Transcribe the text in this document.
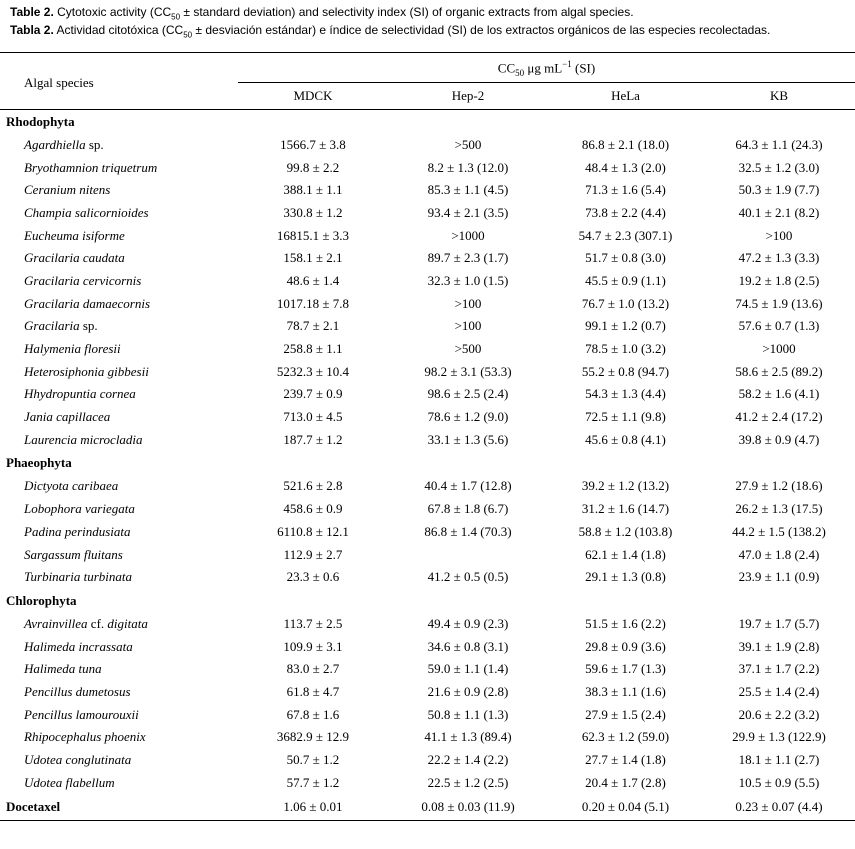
Table 2. Cytotoxic activity ($CC_{50}$ ± standard deviation) and selectivity index (SI) of organic extracts from algal species.
Tabla 2. Actividad citotóxica ($CC_{50}$ ± desviación estándar) e índice de selectividad (SI) de los extractos orgánicos de las especies recolectadas.
Algal species	$CC_{50}$ μg $mL^{-1}$ (SI)			
	MDCK	Hep-2	HeLa	KB
Rhodophyta				
Agardhiella sp.	1566.7 ± 3.8	>500	86.8 ± 2.1 (18.0)	64.3 ± 1.1 (24.3)
Bryothamnion triquetrum	99.8 ± 2.2	8.2 ± 1.3 (12.0)	48.4 ± 1.3 (2.0)	32.5 ± 1.2 (3.0)
Ceranium nitens	388.1 ± 1.1	85.3 ± 1.1 (4.5)	71.3 ± 1.6 (5.4)	50.3 ± 1.9 (7.7)
Champia salicornioides	330.8 ± 1.2	93.4 ± 2.1 (3.5)	73.8 ± 2.2 (4.4)	40.1 ± 2.1 (8.2)
Eucheuma isiforme	16815.1 ± 3.3	>1000	54.7 ± 2.3 (307.1)	>100
Gracilaria caudata	158.1 ± 2.1	89.7 ± 2.3 (1.7)	51.7 ± 0.8 (3.0)	47.2 ± 1.3 (3.3)
Gracilaria cervicornis	48.6 ± 1.4	32.3 ± 1.0 (1.5)	45.5 ± 0.9 (1.1)	19.2 ± 1.8 (2.5)
Gracilaria damaecornis	1017.18 ± 7.8	>100	76.7 ± 1.0 (13.2)	74.5 ± 1.9 (13.6)
Gracilaria sp.	78.7 ± 2.1	>100	99.1 ± 1.2 (0.7)	57.6 ± 0.7 (1.3)
Halymenia floresii	258.8 ± 1.1	>500	78.5 ± 1.0 (3.2)	>1000
Heterosiphonia gibbesii	5232.3 ± 10.4	98.2 ± 3.1 (53.3)	55.2 ± 0.8 (94.7)	58.6 ± 2.5 (89.2)
Hhydropuntia cornea	239.7 ± 0.9	98.6 ± 2.5 (2.4)	54.3 ± 1.3 (4.4)	58.2 ± 1.6 (4.1)
Jania capillacea	713.0 ± 4.5	78.6 ± 1.2 (9.0)	72.5 ± 1.1 (9.8)	41.2 ± 2.4 (17.2)
Laurencia microcladia	187.7 ± 1.2	33.1 ± 1.3 (5.6)	45.6 ± 0.8 (4.1)	39.8 ± 0.9 (4.7)
Phaeophyta				
Dictyota caribaea	521.6 ± 2.8	40.4 ± 1.7 (12.8)	39.2 ± 1.2 (13.2)	27.9 ± 1.2 (18.6)
Lobophora variegata	458.6 ± 0.9	67.8 ± 1.8 (6.7)	31.2 ± 1.6 (14.7)	26.2 ± 1.3 (17.5)
Padina perindusiata	6110.8 ± 12.1	86.8 ± 1.4 (70.3)	58.8 ± 1.2 (103.8)	44.2 ± 1.5 (138.2)
Sargassum fluitans	112.9 ± 2.7		62.1 ± 1.4 (1.8)	47.0 ± 1.8 (2.4)
Turbinaria turbinata	23.3 ± 0.6	41.2 ± 0.5 (0.5)	29.1 ± 1.3 (0.8)	23.9 ± 1.1 (0.9)
Chlorophyta				
Avrainvillea cf. digitata	113.7 ± 2.5	49.4 ± 0.9 (2.3)	51.5 ± 1.6 (2.2)	19.7 ± 1.7 (5.7)
Halimeda incrassata	109.9 ± 3.1	34.6 ± 0.8 (3.1)	29.8 ± 0.9 (3.6)	39.1 ± 1.9 (2.8)
Halimeda tuna	83.0 ± 2.7	59.0 ± 1.1 (1.4)	59.6 ± 1.7 (1.3)	37.1 ± 1.7 (2.2)
Pencillus dumetosus	61.8 ± 4.7	21.6 ± 0.9 (2.8)	38.3 ± 1.1 (1.6)	25.5 ± 1.4 (2.4)
Pencillus lamourouxii	67.8 ± 1.6	50.8 ± 1.1 (1.3)	27.9 ± 1.5 (2.4)	20.6 ± 2.2 (3.2)
Rhipocephalus phoenix	3682.9 ± 12.9	41.1 ± 1.3 (89.4)	62.3 ± 1.2 (59.0)	29.9 ± 1.3 (122.9)
Udotea conglutinata	50.7 ± 1.2	22.2 ± 1.4 (2.2)	27.7 ± 1.4 (1.8)	18.1 ± 1.1 (2.7)
Udotea flabellum	57.7 ± 1.2	22.5 ± 1.2 (2.5)	20.4 ± 1.7 (2.8)	10.5 ± 0.9 (5.5)
Docetaxel	1.06 ± 0.01	0.08 ± 0.03 (11.9)	0.20 ± 0.04 (5.1)	0.23 ± 0.07 (4.4)
